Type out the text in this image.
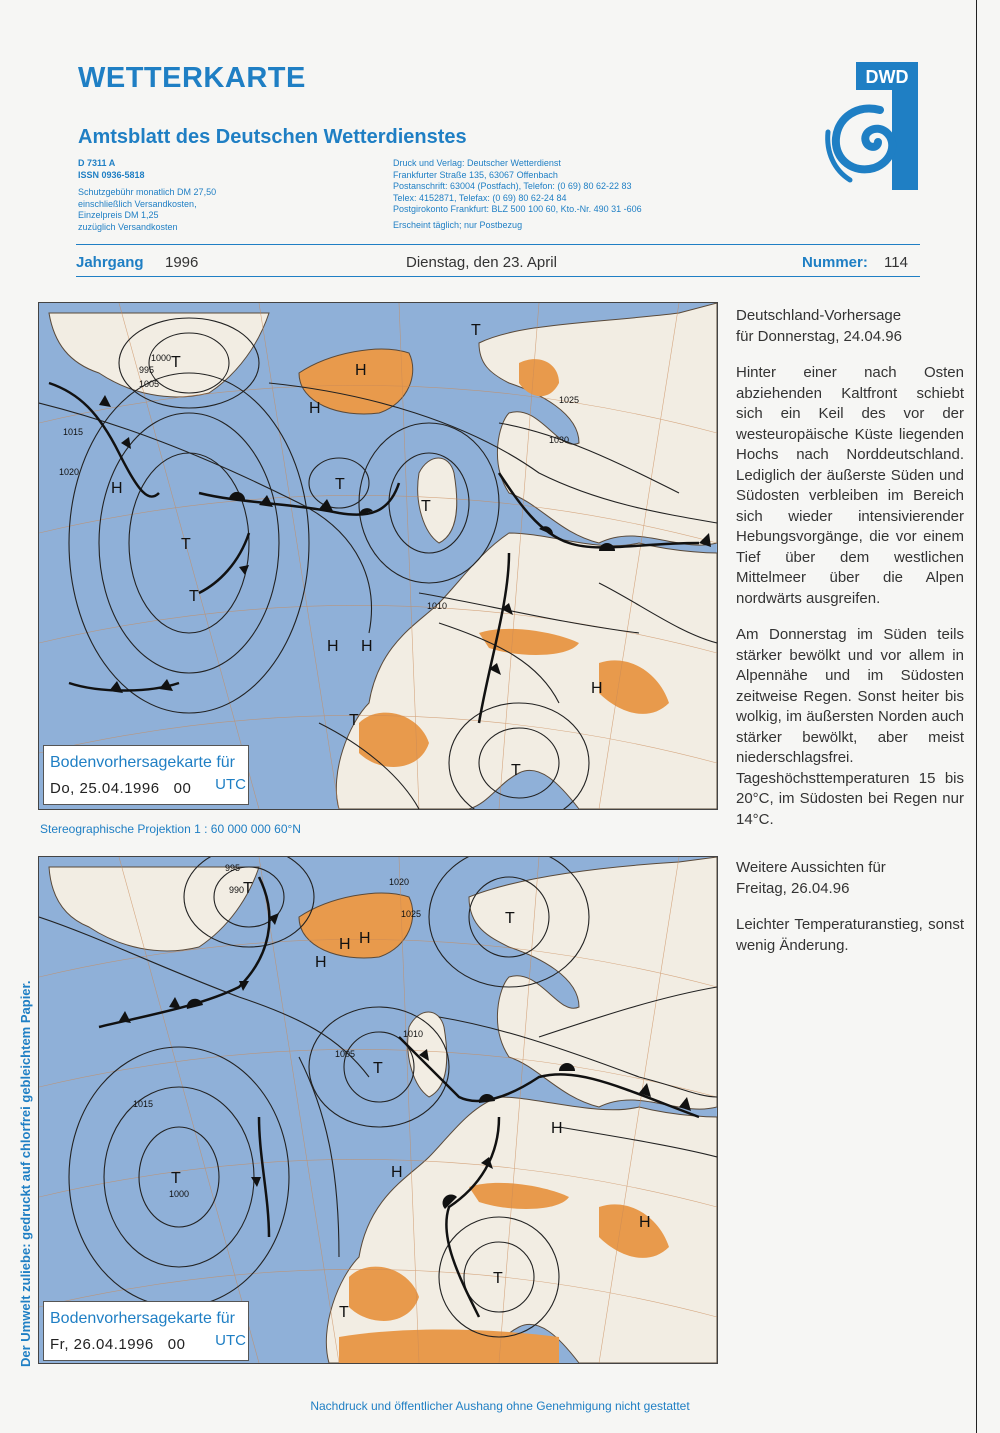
WETTERKARTE
Amtsblatt des Deutschen Wetterdienstes
D 7311 A
ISSN 0936-5818
Schutzgebühr monatlich DM 27,50
einschließlich Versandkosten,
Einzelpreis DM 1,25
zuzüglich Versandkosten
Druck und Verlag: Deutscher Wetterdienst
Frankfurter Straße 135, 63067 Offenbach
Postanschrift: 63004 (Postfach), Telefon: (0 69) 80 62-22 83
Telex: 4152871, Telefax: (0 69) 80 62-24 84
Postgirokonto Frankfurt: BLZ 500 100 60, Kto.-Nr. 490 31 -606
Erscheint täglich; nur Postbezug
DWD
Jahrgang 1996	Dienstag, den 23. April	Nummer: 114
H
H
H
H H
H
T
T
T
T
T
T
T
T
1005
1000
995
1020
1025
1030
1015
1010
Bodenvorhersagekarte für
Do, 25.04.1996 00 UTC
Stereographische Projektion 1 : 60 000 000 60°N
H H
H
H
H
H
T
T
T
T
T
T
1000
990
995
1020
1025
1005
1010
1015
Bodenvorhersagekarte für
Fr, 26.04.1996 00 UTC

Deutschland-Vorhersage
für Donnerstag, 24.04.96

Hinter einer nach Osten abziehenden Kaltfront schiebt sich ein Keil des vor der westeuropäische Küste liegenden Hochs nach Norddeutschland. Lediglich der äußerste Süden und Südosten verbleiben im Bereich sich wieder intensivierender Hebungsvorgänge, die vor einem Tief über dem westlichen Mittelmeer über die Alpen nordwärts ausgreifen.

Am Donnerstag im Süden teils stärker bewölkt und vor allem in Alpennähe und im Südosten zeitweise Regen. Sonst heiter bis wolkig, im äußersten Norden auch stärker bewölkt, aber meist niederschlagsfrei. Tageshöchsttemperaturen 15 bis 20°C, im Südosten bei Regen nur 14°C.

Weitere Aussichten für
Freitag, 26.04.96

Leichter Temperaturanstieg, sonst wenig Änderung.

Der Umwelt zuliebe: gedruckt auf chlorfrei gebleichtem Papier.
Nachdruck und öffentlicher Aushang ohne Genehmigung nicht gestattet
